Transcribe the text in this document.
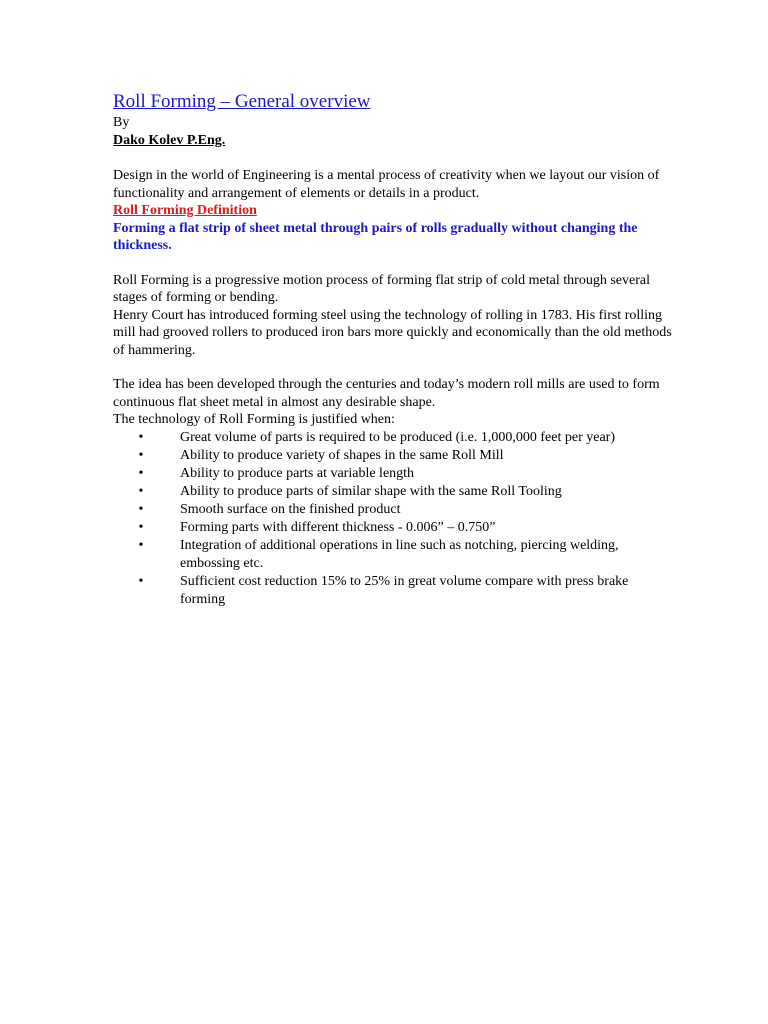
Roll Forming – General overview

By

Dako Kolev P.Eng.

Design in the world of Engineering is a mental process of creativity when we layout our vision of functionality and arrangement of elements or details in a product.

Roll Forming Definition

Forming a flat strip of sheet metal through pairs of rolls gradually without changing the thickness.

Roll Forming is a progressive motion process of forming flat strip of cold metal through several stages of forming or bending.

Henry Court has introduced forming steel using the technology of rolling in 1783. His first rolling mill had grooved rollers to produced iron bars more quickly and economically than the old methods of hammering.

The idea has been developed through the centuries and today’s modern roll mills are used to form continuous flat sheet metal in almost any desirable shape.

The technology of Roll Forming is justified when:

•	Great volume of parts is required to be produced (i.e. 1,000,000 feet per year)
•	Ability to produce variety of shapes in the same Roll Mill
•	Ability to produce parts at variable length
•	Ability to produce parts of similar shape with the same Roll Tooling
•	Smooth surface on the finished product
•	Forming parts with different thickness - 0.006” – 0.750”
•	Integration of additional operations in line such as notching, piercing welding, embossing etc.
•	Sufficient cost reduction 15% to 25% in great volume compare with press brake forming
